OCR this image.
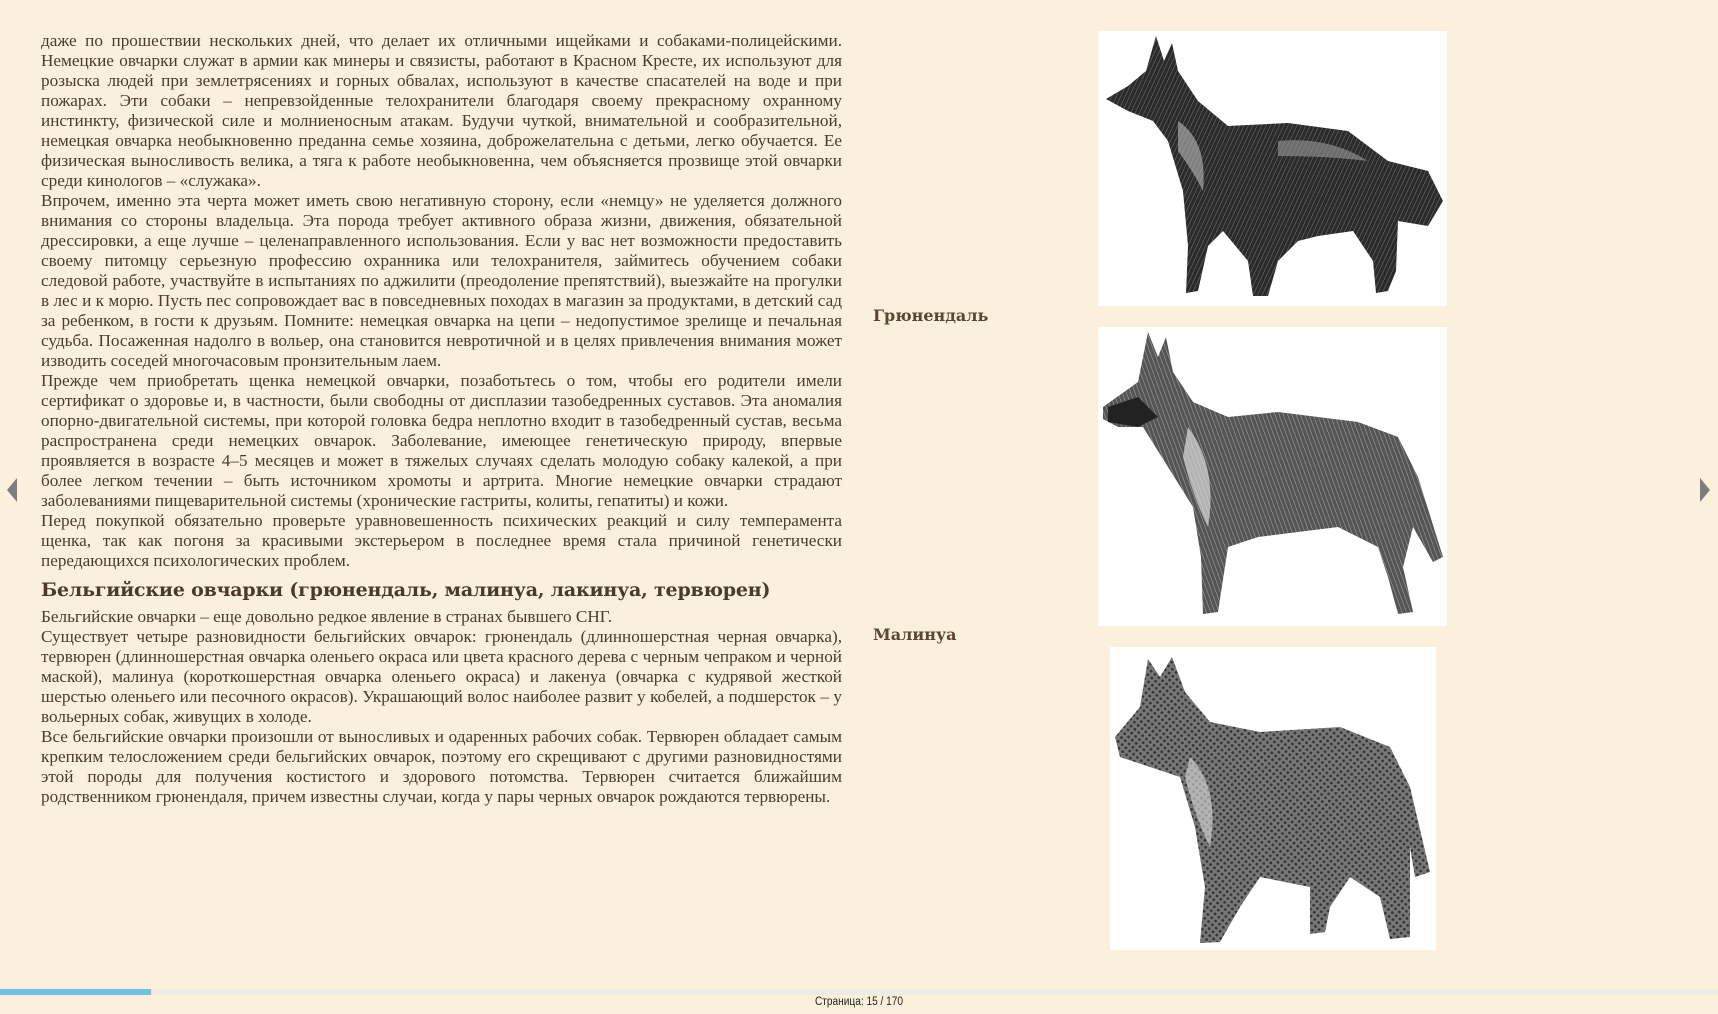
даже по прошествии нескольких дней, что делает их отличными ищейками и собаками-полицейскими. Немецкие овчарки служат в армии как минеры и связисты, работают в Красном Кресте, их используют для розыска людей при землетрясениях и горных обвалах, используют в качестве спасателей на воде и при пожарах. Эти собаки – непревзойденные телохранители благодаря своему прекрасному охранному инстинкту, физической силе и молниеносным атакам. Будучи чуткой, внимательной и сообразительной, немецкая овчарка необыкновенно преданна семье хозяина, доброжелательна с детьми, легко обучается. Ее физическая выносливость велика, а тяга к работе необыкновенна, чем объясняется прозвище этой овчарки среди кинологов – «служака».

Впрочем, именно эта черта может иметь свою негативную сторону, если «немцу» не уделяется должного внимания со стороны владельца. Эта порода требует активного образа жизни, движения, обязательной дрессировки, а еще лучше – целенаправленного использования. Если у вас нет возможности предоставить своему питомцу серьезную профессию охранника или телохранителя, займитесь обучением собаки следовой работе, участвуйте в испытаниях по аджилити (преодоление препятствий), выезжайте на прогулки в лес и к морю. Пусть пес сопровождает вас в повседневных походах в магазин за продуктами, в детский сад за ребенком, в гости к друзьям. Помните: немецкая овчарка на цепи – недопустимое зрелище и печальная судьба. Посаженная надолго в вольер, она становится невротичной и в целях привлечения внимания может изводить соседей многочасовым пронзительным лаем.

Прежде чем приобретать щенка немецкой овчарки, позаботьтесь о том, чтобы его родители имели сертификат о здоровье и, в частности, были свободны от дисплазии тазобедренных суставов. Эта аномалия опорно-двигательной системы, при которой головка бедра неплотно входит в тазобедренный сустав, весьма распространена среди немецких овчарок. Заболевание, имеющее генетическую природу, впервые проявляется в возрасте 4–5 месяцев и может в тяжелых случаях сделать молодую собаку калекой, а при более легком течении – быть источником хромоты и артрита. Многие немецкие овчарки страдают заболеваниями пищеварительной системы (хронические гастриты, колиты, гепатиты) и кожи.

Перед покупкой обязательно проверьте уравновешенность психических реакций и силу темперамента щенка, так как погоня за красивыми экстерьером в последнее время стала причиной генетически передающихся психологических проблем.

Бельгийские овчарки (грюнендаль, малинуа, лакинуа, тервюрен)

Бельгийские овчарки – еще довольно редкое явление в странах бывшего СНГ.

Существует четыре разновидности бельгийских овчарок: грюнендаль (длинношерстная черная овчарка), тервюрен (длинношерстная овчарка оленьего окраса или цвета красного дерева с черным чепраком и черной маской), малинуа (короткошерстная овчарка оленьего окраса) и лакенуа (овчарка с кудрявой жесткой шерстью оленьего или песочного окрасов). Украшающий волос наиболее развит у кобелей, а подшерсток – у вольерных собак, живущих в холоде.

Все бельгийские овчарки произошли от выносливых и одаренных рабочих собак. Тервюрен обладает самым крепким телосложением среди бельгийских овчарок, поэтому его скрещивают с другими разновидностями этой породы для получения костистого и здорового потомства. Тервюрен считается ближайшим родственником грюнендаля, причем известны случаи, когда у пары черных овчарок рождаются тервюрены.

Грюнендаль
Малинуа
Страница: 15 / 170
